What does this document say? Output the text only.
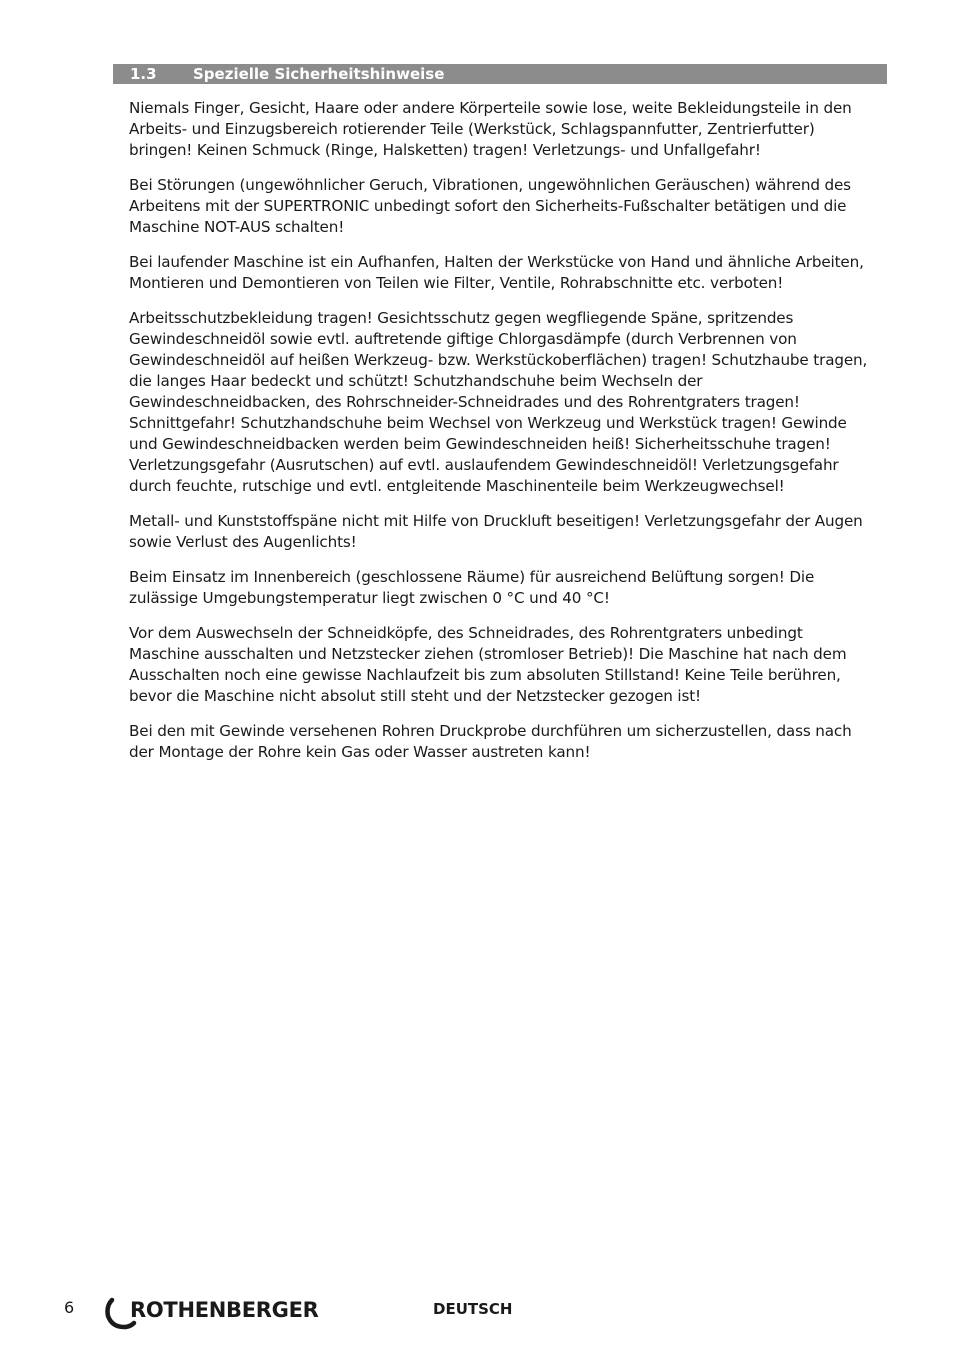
1.3 Spezielle Sicherheitshinweise

Niemals Finger, Gesicht, Haare oder andere Körperteile sowie lose, weite Bekleidungsteile in den Arbeits- und Einzugsbereich rotierender Teile (Werkstück, Schlagspannfutter, Zentrierfutter) bringen! Keinen Schmuck (Ringe, Halsketten) tragen! Verletzungs- und Unfallgefahr!

Bei Störungen (ungewöhnlicher Geruch, Vibrationen, ungewöhnlichen Geräuschen) während des Arbeitens mit der SUPERTRONIC unbedingt sofort den Sicherheits-Fußschalter betätigen und die Maschine NOT-AUS schalten!

Bei laufender Maschine ist ein Aufhanfen, Halten der Werkstücke von Hand und ähnliche Arbeiten, Montieren und Demontieren von Teilen wie Filter, Ventile, Rohrabschnitte etc. verboten!

Arbeitsschutzbekleidung tragen! Gesichtsschutz gegen wegfliegende Späne, spritzendes Gewindeschneidöl sowie evtl. auftretende giftige Chlorgasdämpfe (durch Verbrennen von Gewindeschneidöl auf heißen Werkzeug- bzw. Werkstückoberflächen) tragen! Schutzhaube tragen, die langes Haar bedeckt und schützt! Schutzhandschuhe beim Wechseln der Gewindeschneidbacken, des Rohrschneider-Schneidrades und des Rohrentgraters tragen! Schnittgefahr! Schutzhandschuhe beim Wechsel von Werkzeug und Werkstück tragen! Gewinde und Gewindeschneidbacken werden beim Gewindeschneiden heiß! Sicherheitsschuhe tragen! Verletzungsgefahr (Ausrutschen) auf evtl. auslaufendem Gewindeschneidöl! Verletzungsgefahr durch feuchte, rutschige und evtl. entgleitende Maschinenteile beim Werkzeugwechsel!

Metall- und Kunststoffspäne nicht mit Hilfe von Druckluft beseitigen! Verletzungsgefahr der Augen sowie Verlust des Augenlichts!

Beim Einsatz im Innenbereich (geschlossene Räume) für ausreichend Belüftung sorgen! Die zulässige Umgebungstemperatur liegt zwischen 0 °C und 40 °C!

Vor dem Auswechseln der Schneidköpfe, des Schneidrades, des Rohrentgraters unbedingt Maschine ausschalten und Netzstecker ziehen (stromloser Betrieb)! Die Maschine hat nach dem Ausschalten noch eine gewisse Nachlaufzeit bis zum absoluten Stillstand! Keine Teile berühren, bevor die Maschine nicht absolut still steht und der Netzstecker gezogen ist!

Bei den mit Gewinde versehenen Rohren Druckprobe durchführen um sicherzustellen, dass nach der Montage der Rohre kein Gas oder Wasser austreten kann!

6	ROTHENBERGER	DEUTSCH
